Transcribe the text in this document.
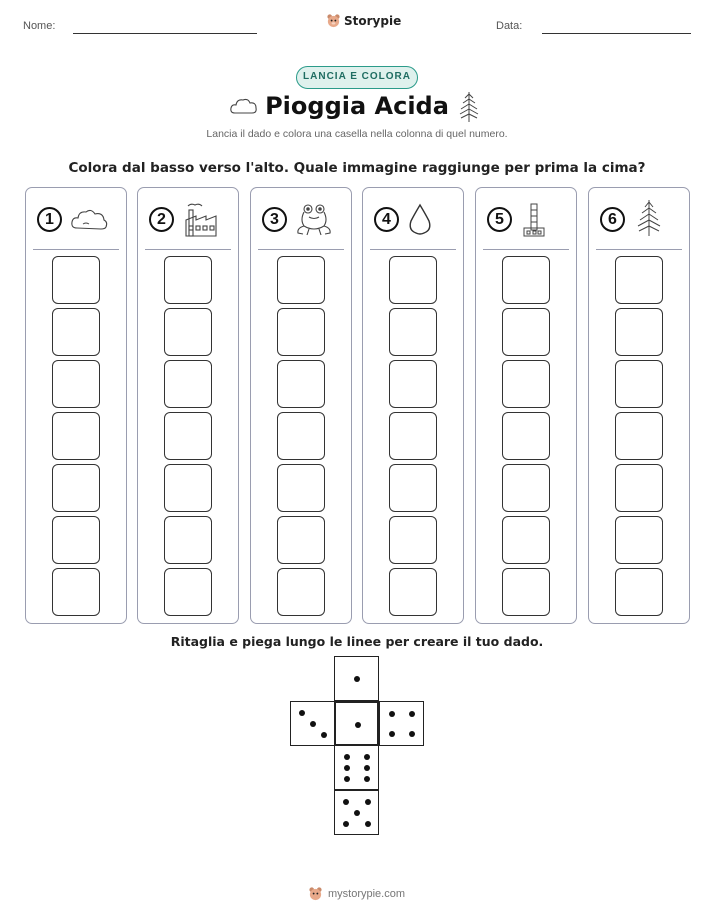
Nome:	Storypie	Data:
LANCIA E COLORA
Pioggia Acida
Lancia il dado e colora una casella nella colonna di quel numero.
Colora dal basso verso l'alto. Quale immagine raggiunge per prima la cima?
1	2	3	4	5	6
Ritaglia e piega lungo le linee per creare il tuo dado.
mystorypie.com
